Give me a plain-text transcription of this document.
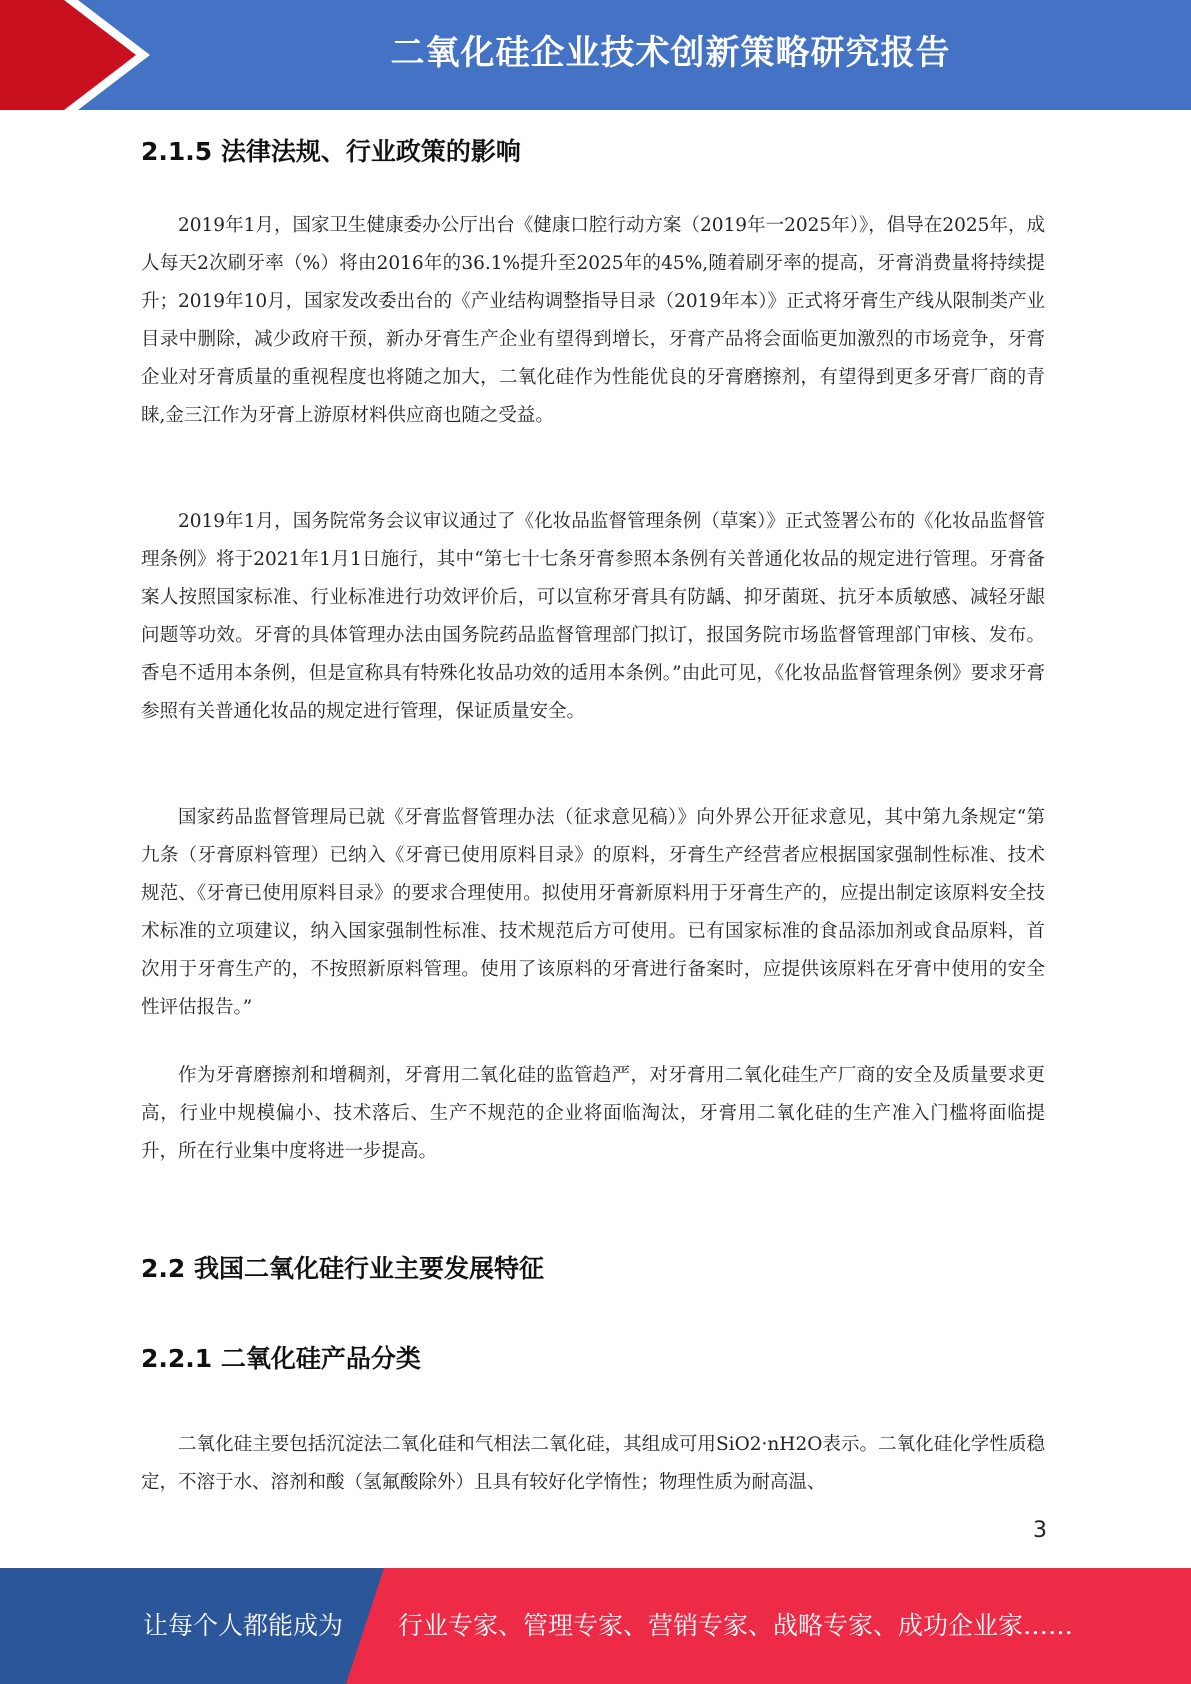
二氧化硅企业技术创新策略研究报告
2.1.5 法律法规、行业政策的影响

2019年1月，国家卫生健康委办公厅出台《健康口腔行动方案（2019年一2025年）》，倡导在2025年，成人每天2次刷牙率（%）将由2016年的36.1%提升至2025年的45%,随着刷牙率的提高，牙膏消费量将持续提升；2019年10月，国家发改委出台的《产业结构调整指导目录（2019年本）》正式将牙膏生产线从限制类产业目录中删除，减少政府干预，新办牙膏生产企业有望得到增长，牙膏产品将会面临更加激烈的市场竞争，牙膏企业对牙膏质量的重视程度也将随之加大，二氧化硅作为性能优良的牙膏磨擦剂，有望得到更多牙膏厂商的青睐,金三江作为牙膏上游原材料供应商也随之受益。

2019年1月，国务院常务会议审议通过了《化妆品监督管理条例（草案）》正式签署公布的《化妆品监督管理条例》将于2021年1月1日施行，其中“第七十七条牙膏参照本条例有关普通化妆品的规定进行管理。牙膏备案人按照国家标准、行业标准进行功效评价后，可以宣称牙膏具有防龋、抑牙菌斑、抗牙本质敏感、减轻牙龈问题等功效。牙膏的具体管理办法由国务院药品监督管理部门拟订，报国务院市场监督管理部门审核、发布。香皂不适用本条例，但是宣称具有特殊化妆品功效的适用本条例。”由此可见，《化妆品监督管理条例》要求牙膏参照有关普通化妆品的规定进行管理，保证质量安全。

国家药品监督管理局已就《牙膏监督管理办法（征求意见稿）》向外界公开征求意见，其中第九条规定“第九条（牙膏原料管理）已纳入《牙膏已使用原料目录》的原料，牙膏生产经营者应根据国家强制性标准、技术规范、《牙膏已使用原料目录》的要求合理使用。拟使用牙膏新原料用于牙膏生产的，应提出制定该原料安全技术标准的立项建议，纳入国家强制性标准、技术规范后方可使用。已有国家标准的食品添加剂或食品原料，首次用于牙膏生产的，不按照新原料管理。使用了该原料的牙膏进行备案时，应提供该原料在牙膏中使用的安全性评估报告。”

作为牙膏磨擦剂和增稠剂，牙膏用二氧化硅的监管趋严，对牙膏用二氧化硅生产厂商的安全及质量要求更高，行业中规模偏小、技术落后、生产不规范的企业将面临淘汰，牙膏用二氧化硅的生产准入门槛将面临提升，所在行业集中度将进一步提高。

2.2 我国二氧化硅行业主要发展特征
2.2.1 二氧化硅产品分类

二氧化硅主要包括沉淀法二氧化硅和气相法二氧化硅，其组成可用SiO2·nH2O表示。二氧化硅化学性质稳定，不溶于水、溶剂和酸（氢氟酸除外）且具有较好化学惰性；物理性质为耐高温、

3
让每个人都能成为 行业专家、管理专家、营销专家、战略专家、成功企业家……
